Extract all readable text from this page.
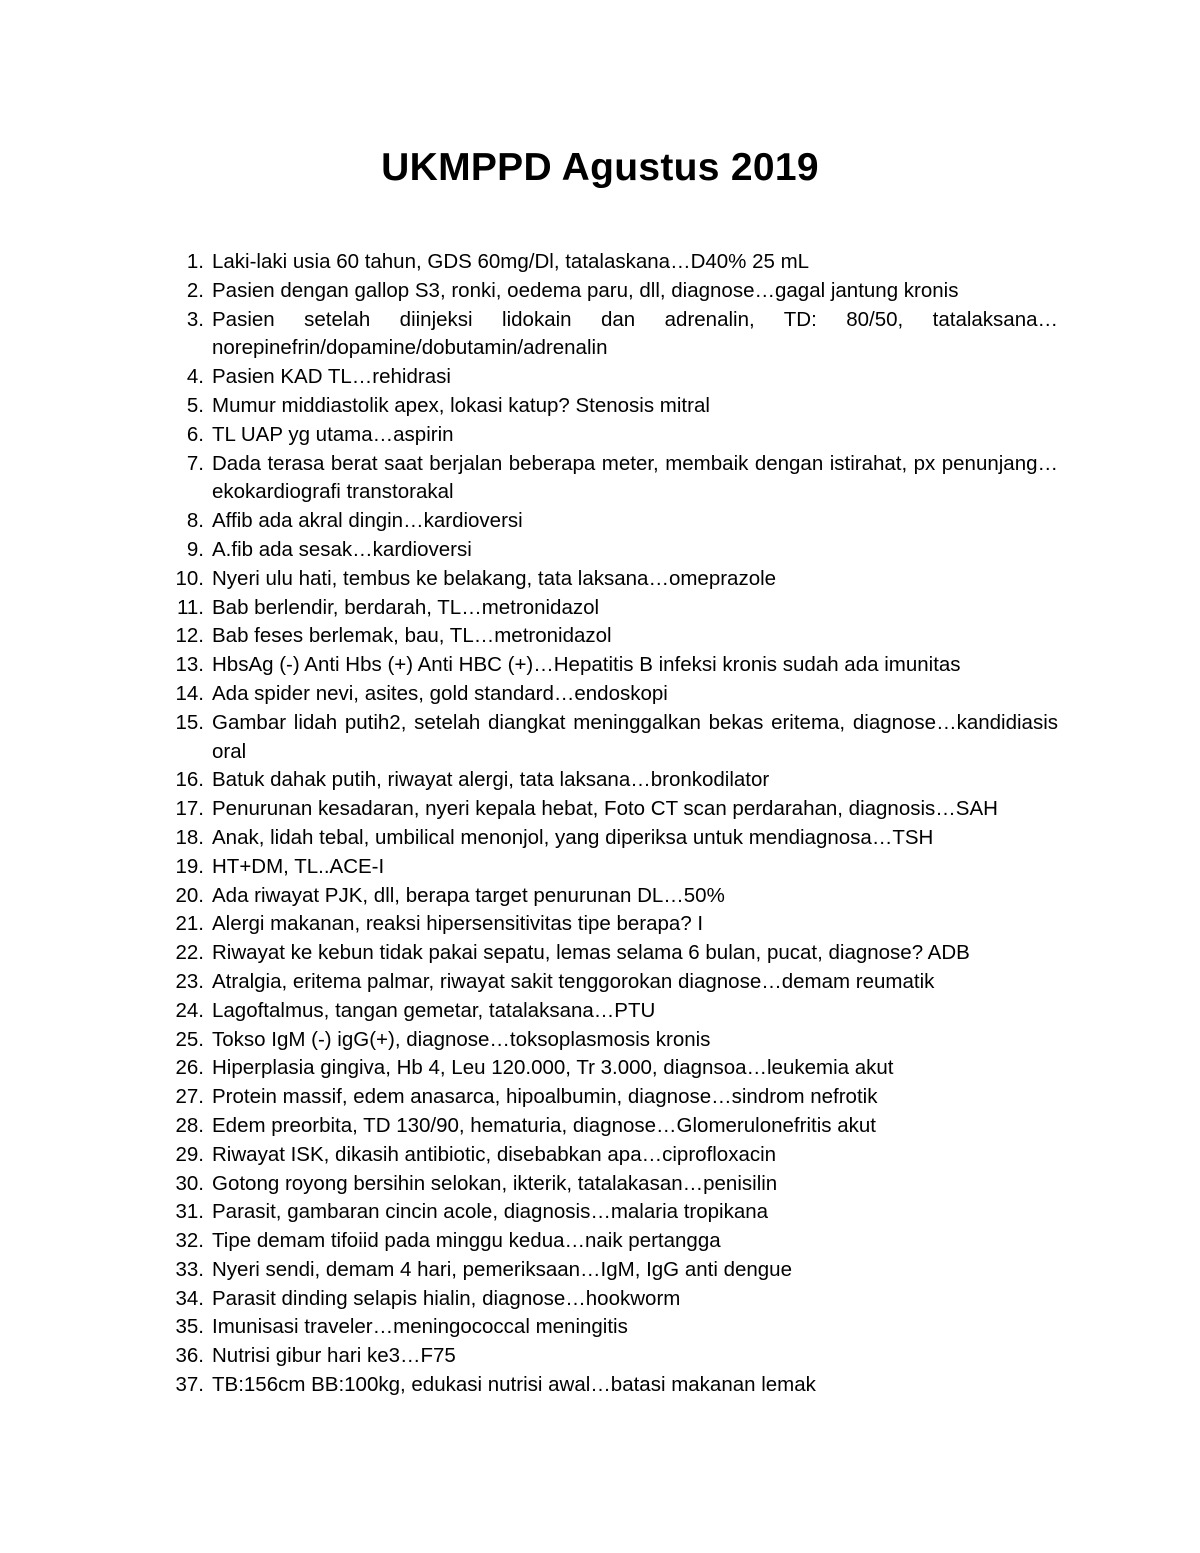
UKMPPD Agustus 2019
1. Laki-laki usia 60 tahun, GDS 60mg/Dl, tatalaskana…D40% 25 mL
2. Pasien dengan gallop S3, ronki, oedema paru, dll, diagnose…gagal jantung kronis
3. Pasien setelah diinjeksi lidokain dan adrenalin, TD: 80/50, tatalaksana…norepinefrin/dopamine/dobutamin/adrenalin
4. Pasien KAD TL…rehidrasi
5. Mumur middiastolik apex, lokasi katup? Stenosis mitral
6. TL UAP yg utama…aspirin
7. Dada terasa berat saat berjalan beberapa meter, membaik dengan istirahat, px penunjang…ekokardiografi transtorakal
8. Affib ada akral dingin…kardioversi
9. A.fib ada sesak…kardioversi
10. Nyeri ulu hati, tembus ke belakang, tata laksana…omeprazole
11. Bab berlendir, berdarah, TL…metronidazol
12. Bab feses berlemak, bau, TL…metronidazol
13. HbsAg (-) Anti Hbs (+) Anti HBC (+)…Hepatitis B infeksi kronis sudah ada imunitas
14. Ada spider nevi, asites, gold standard…endoskopi
15. Gambar lidah putih2, setelah diangkat meninggalkan bekas eritema, diagnose…kandidiasis oral
16. Batuk dahak putih, riwayat alergi, tata laksana…bronkodilator
17. Penurunan kesadaran, nyeri kepala hebat, Foto CT scan perdarahan, diagnosis…SAH
18. Anak, lidah tebal, umbilical menonjol, yang diperiksa untuk mendiagnosa…TSH
19. HT+DM, TL..ACE-I
20. Ada riwayat PJK, dll, berapa target penurunan DL…50%
21. Alergi makanan, reaksi hipersensitivitas tipe berapa? I
22. Riwayat ke kebun tidak pakai sepatu, lemas selama 6 bulan, pucat, diagnose? ADB
23. Atralgia, eritema palmar, riwayat sakit tenggorokan diagnose…demam reumatik
24. Lagoftalmus, tangan gemetar, tatalaksana…PTU
25. Tokso IgM (-) igG(+), diagnose…toksoplasmosis kronis
26. Hiperplasia gingiva, Hb 4, Leu 120.000, Tr 3.000, diagnsoa…leukemia akut
27. Protein massif, edem anasarca, hipoalbumin, diagnose…sindrom nefrotik
28. Edem preorbita, TD 130/90, hematuria, diagnose…Glomerulonefritis akut
29. Riwayat ISK, dikasih antibiotic, disebabkan apa…ciprofloxacin
30. Gotong royong bersihin selokan, ikterik, tatalakasan…penisilin
31. Parasit, gambaran cincin acole, diagnosis…malaria tropikana
32. Tipe demam tifoiid pada minggu kedua…naik pertangga
33. Nyeri sendi, demam 4 hari, pemeriksaan…IgM, IgG anti dengue
34. Parasit dinding selapis hialin, diagnose…hookworm
35. Imunisasi traveler…meningococcal meningitis
36. Nutrisi gibur hari ke3…F75
37. TB:156cm BB:100kg, edukasi nutrisi awal…batasi makanan lemak
